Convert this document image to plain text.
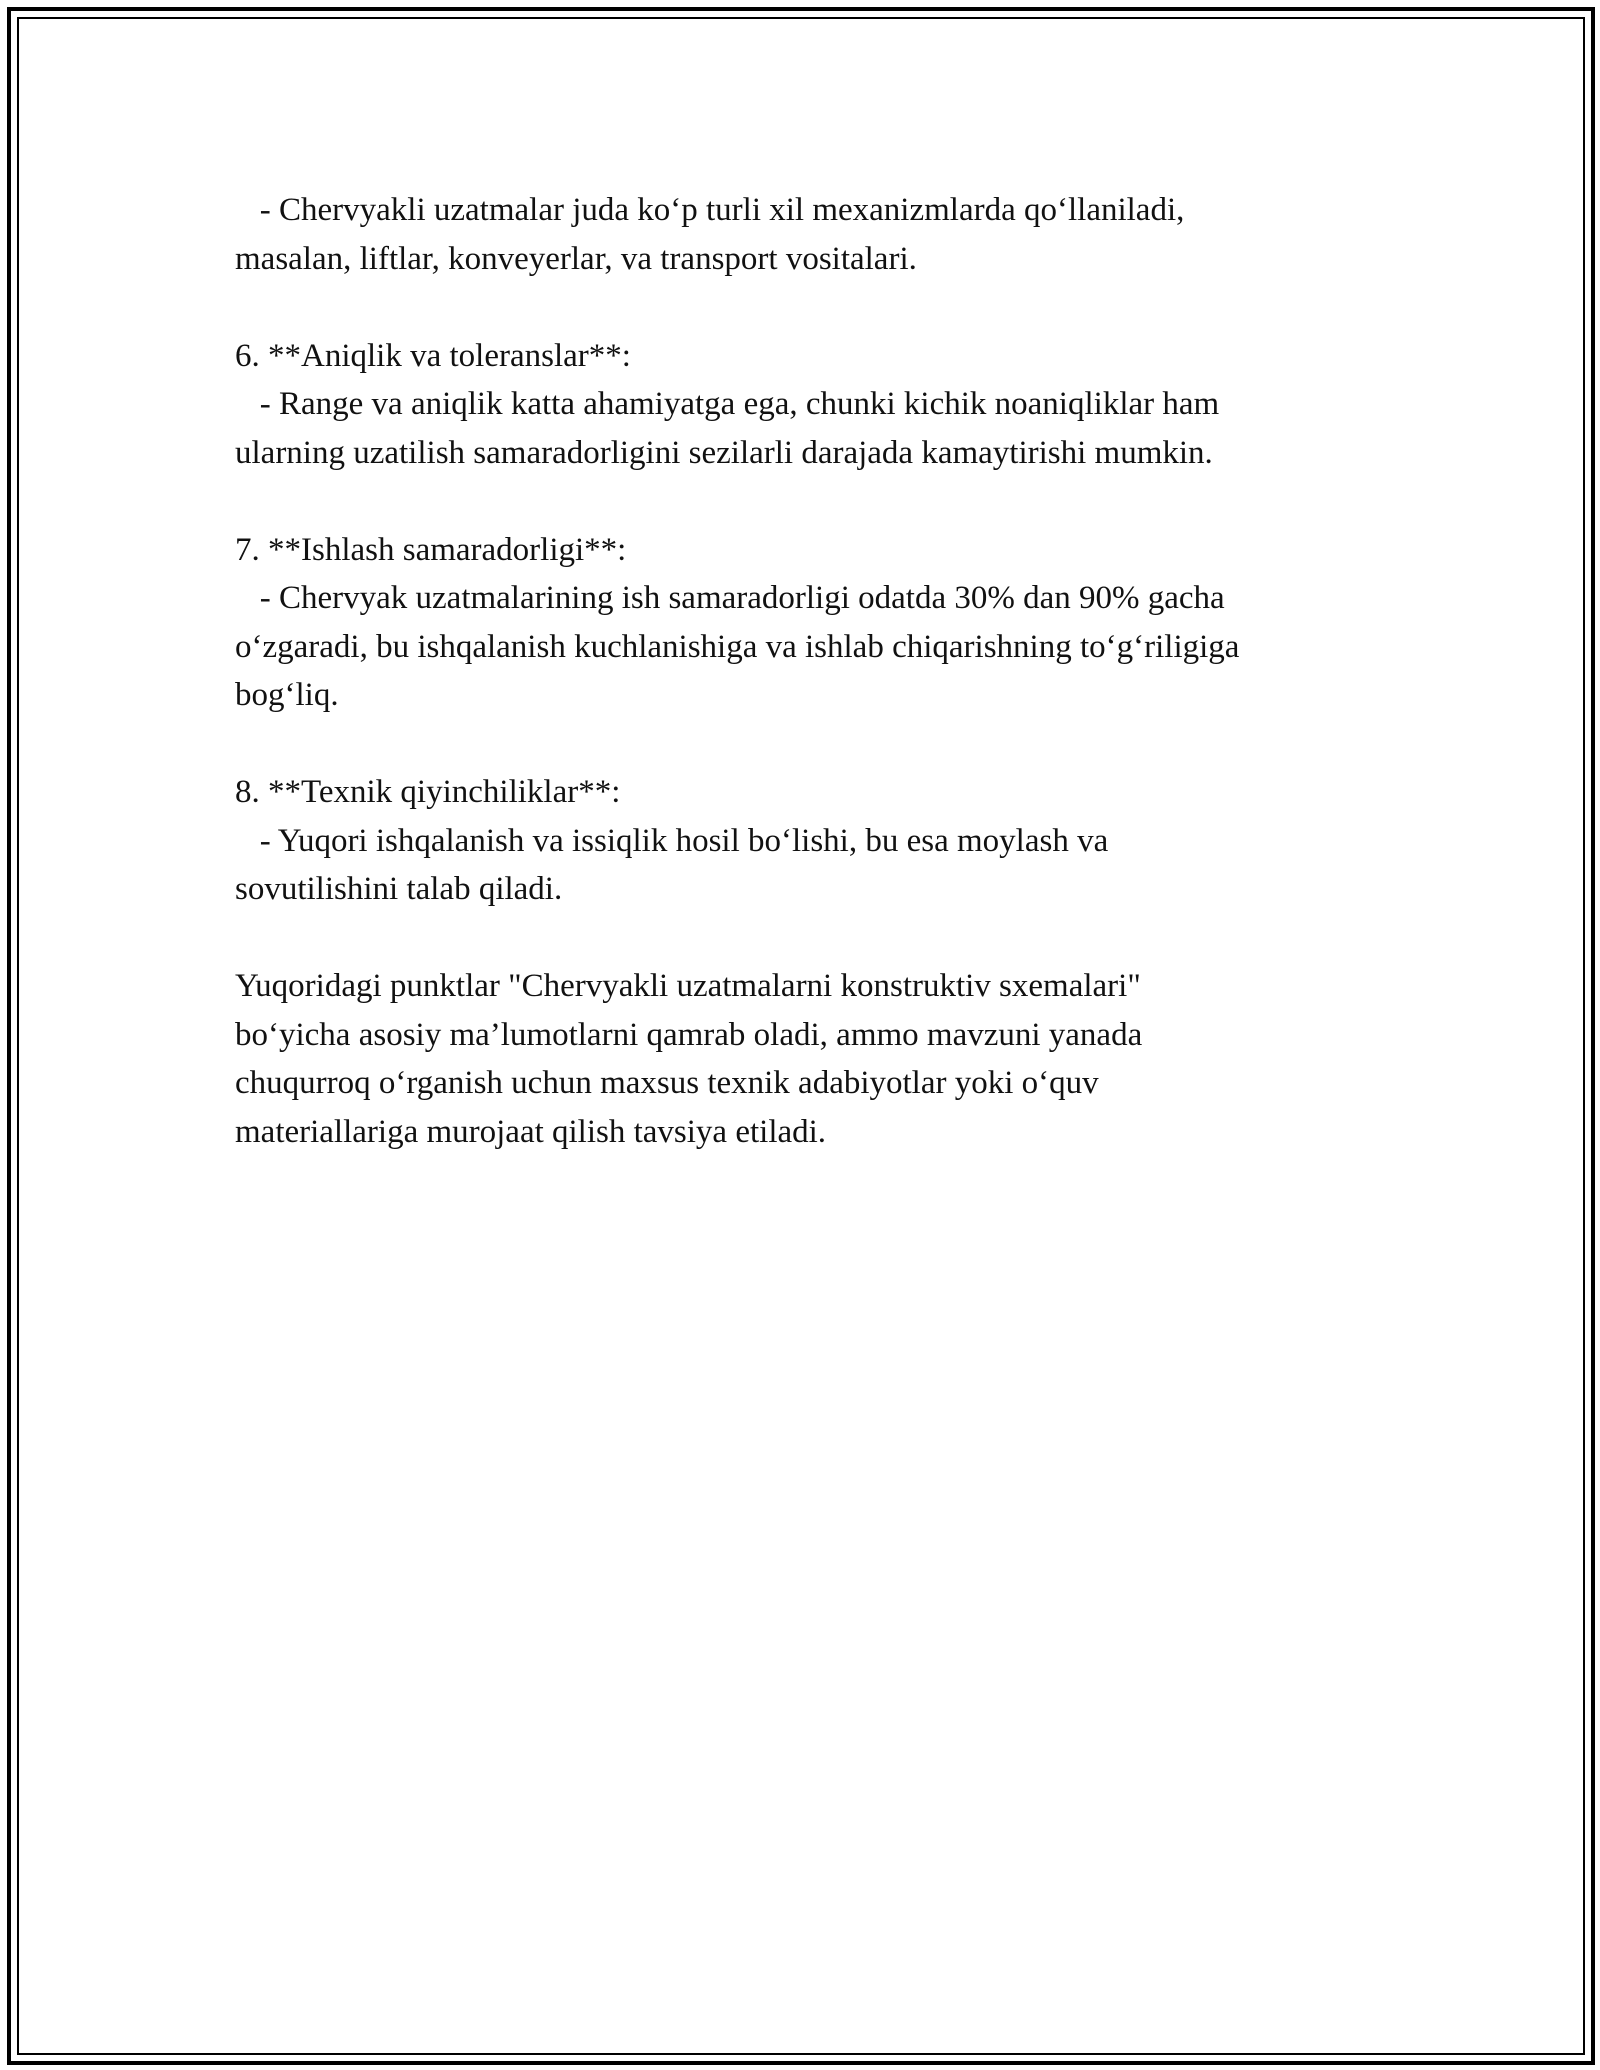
- Chervyakli uzatmalar juda ko‘p turli xil mexanizmlarda qo‘llaniladi,
masalan, liftlar, konveyerlar, va transport vositalari.
6. **Aniqlik va toleranslar**:
- Range va aniqlik katta ahamiyatga ega, chunki kichik noaniqliklar ham
ularning uzatilish samaradorligini sezilarli darajada kamaytirishi mumkin.
7. **Ishlash samaradorligi**:
- Chervyak uzatmalarining ish samaradorligi odatda 30% dan 90% gacha
o‘zgaradi, bu ishqalanish kuchlanishiga va ishlab chiqarishning to‘g‘riligiga
bog‘liq.
8. **Texnik qiyinchiliklar**:
- Yuqori ishqalanish va issiqlik hosil bo‘lishi, bu esa moylash va
sovutilishini talab qiladi.
Yuqoridagi punktlar "Chervyakli uzatmalarni konstruktiv sxemalari"
bo‘yicha asosiy ma’lumotlarni qamrab oladi, ammo mavzuni yanada
chuqurroq o‘rganish uchun maxsus texnik adabiyotlar yoki o‘quv
materiallariga murojaat qilish tavsiya etiladi.
